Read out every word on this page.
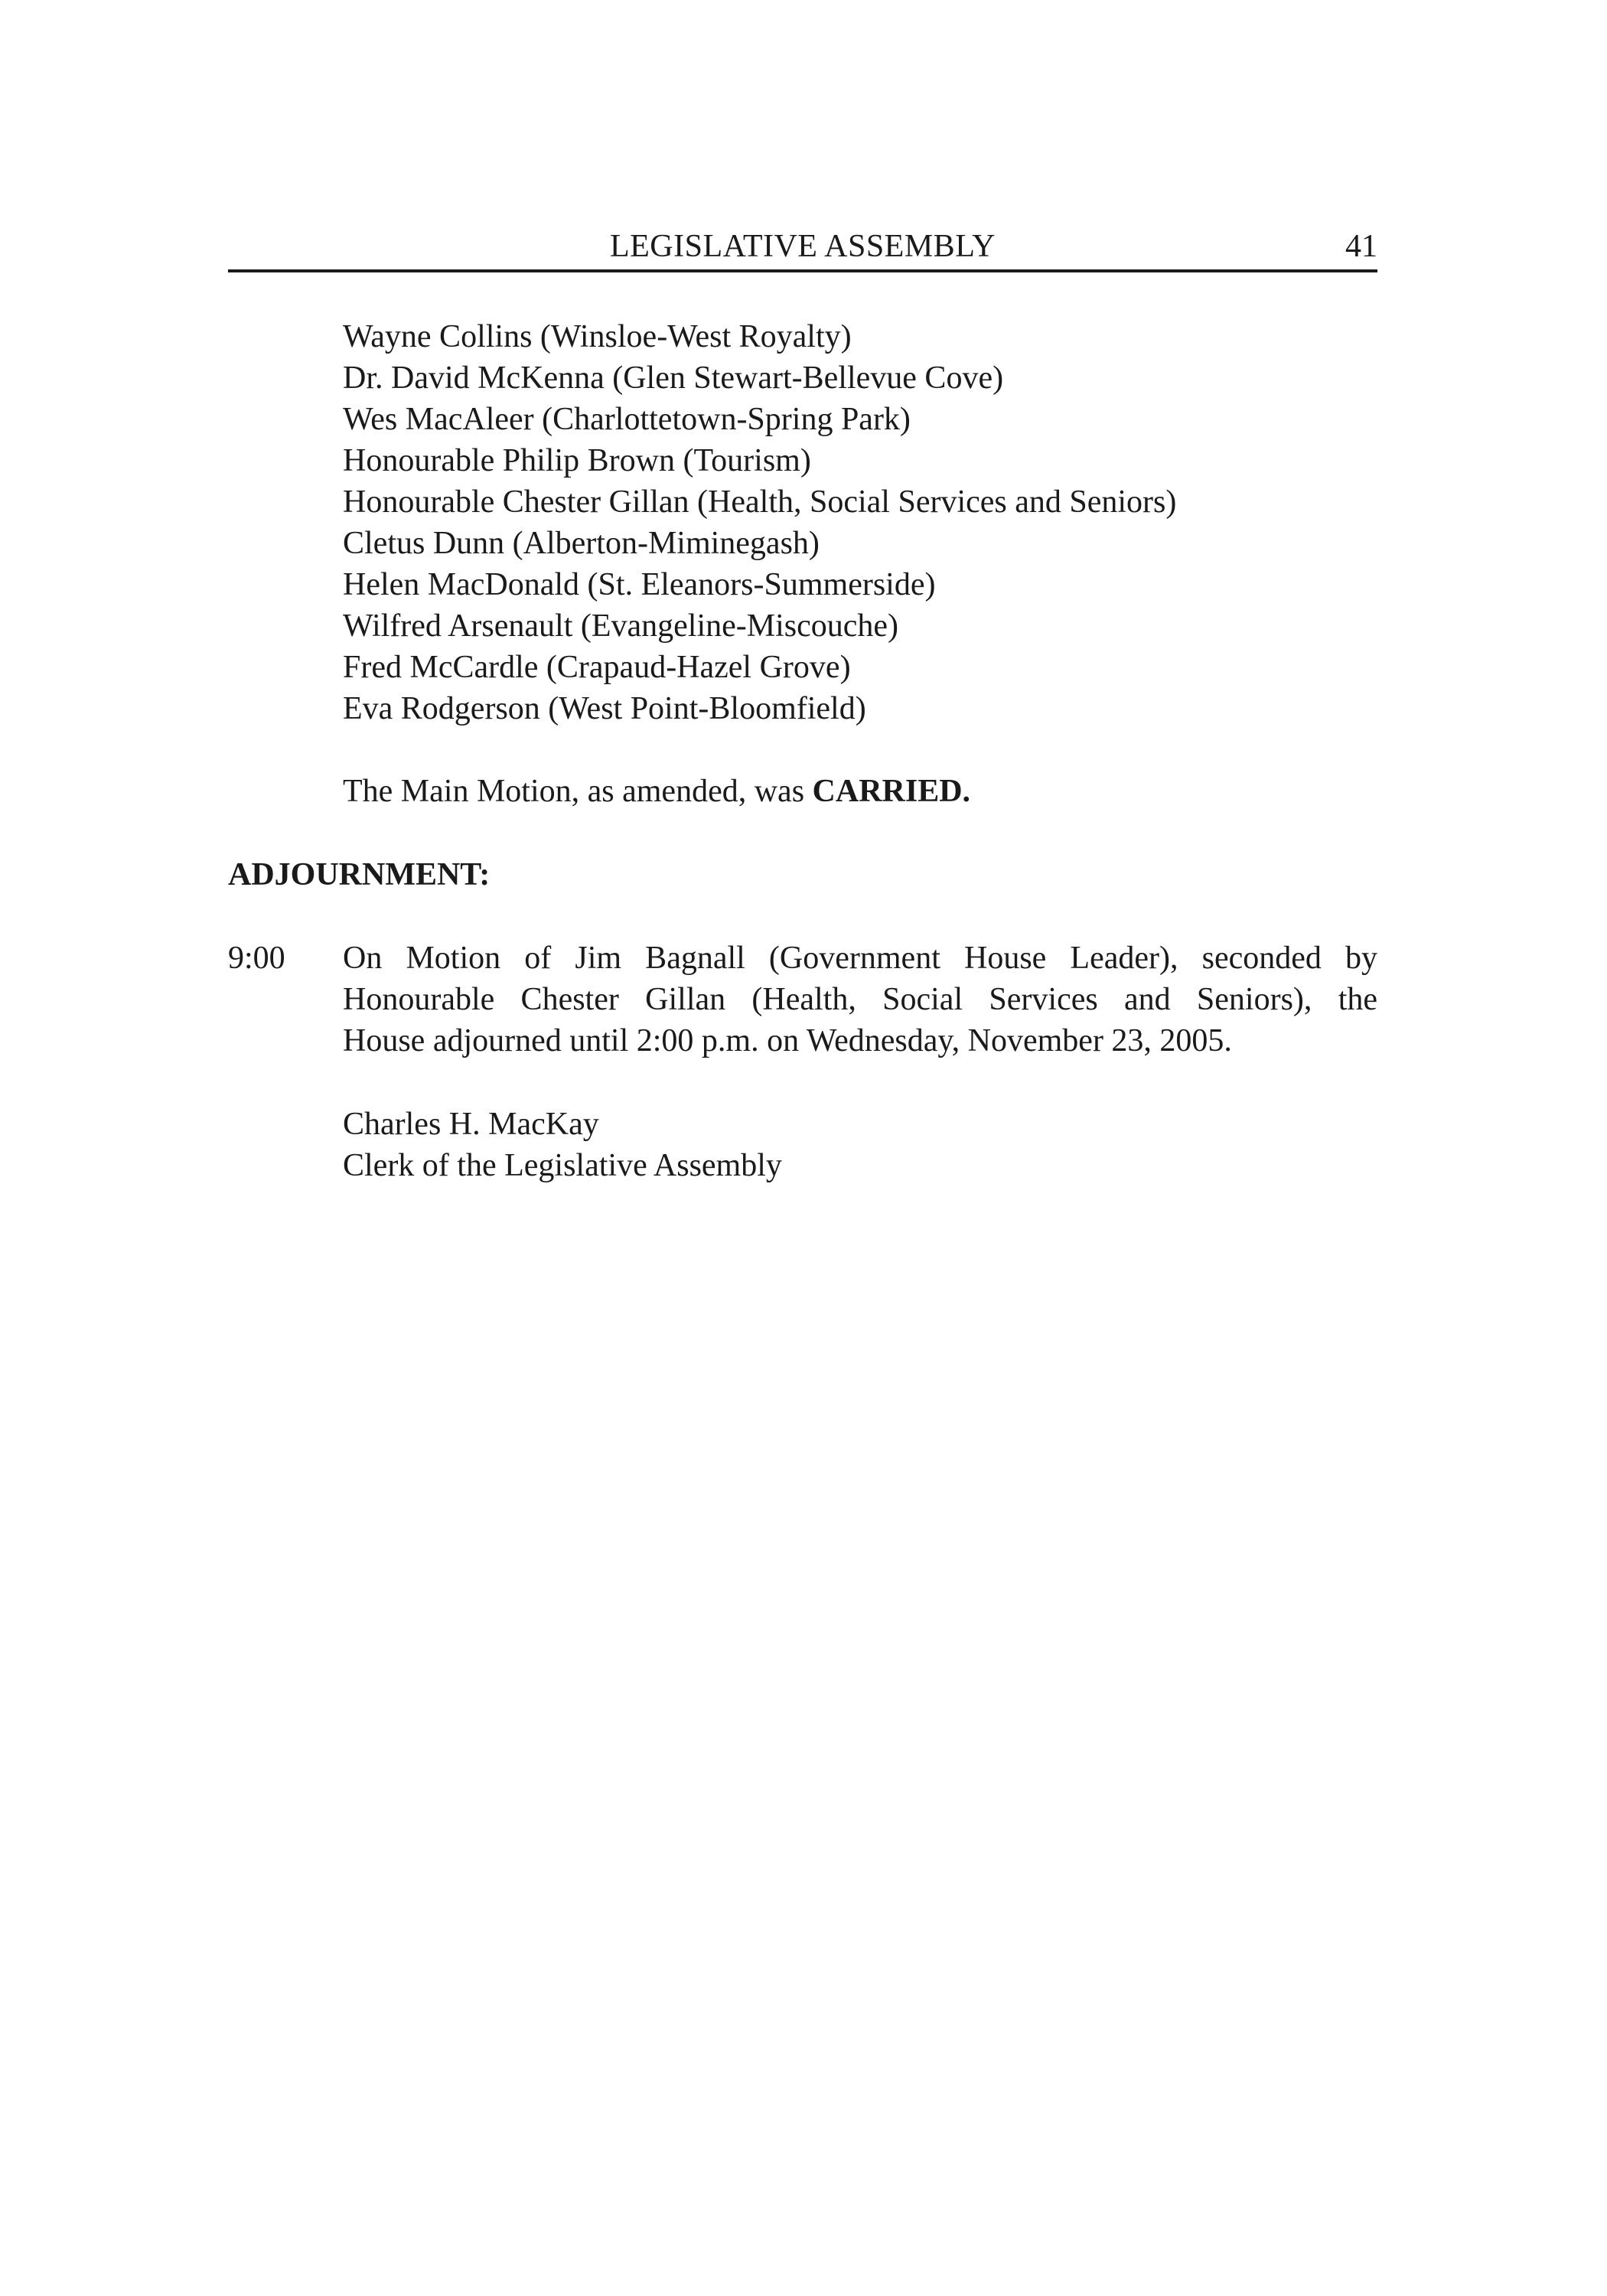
LEGISLATIVE ASSEMBLY	41
Wayne Collins (Winsloe-West Royalty)
Dr. David McKenna (Glen Stewart-Bellevue Cove)
Wes MacAleer (Charlottetown-Spring Park)
Honourable Philip Brown (Tourism)
Honourable Chester Gillan (Health, Social Services and Seniors)
Cletus Dunn (Alberton-Miminegash)
Helen MacDonald (St. Eleanors-Summerside)
Wilfred Arsenault (Evangeline-Miscouche)
Fred McCardle (Crapaud-Hazel Grove)
Eva Rodgerson (West Point-Bloomfield)
The Main Motion, as amended, was CARRIED.
ADJOURNMENT:
9:00 On Motion of Jim Bagnall (Government House Leader), seconded by
Honourable Chester Gillan (Health, Social Services and Seniors), the
House adjourned until 2:00 p.m. on Wednesday, November 23, 2005.
Charles H. MacKay
Clerk of the Legislative Assembly
